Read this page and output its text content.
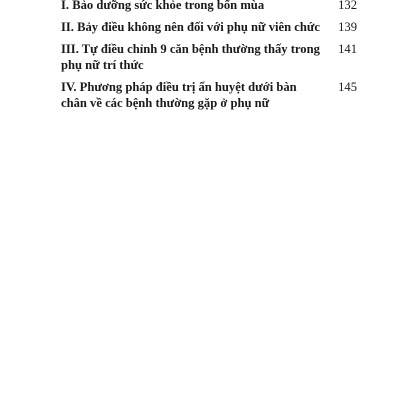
I. Bảo dưỡng sức khỏe trong bốn mùa	132
II. Bảy điều không nên đối với phụ nữ viên chức	139
III. Tự điều chỉnh 9 căn bệnh thường thấy trong phụ nữ trí thức
141
IV. Phương pháp điều trị ấn huyệt dưới bàn chân về các bệnh thường gặp ở phụ nữ
145
